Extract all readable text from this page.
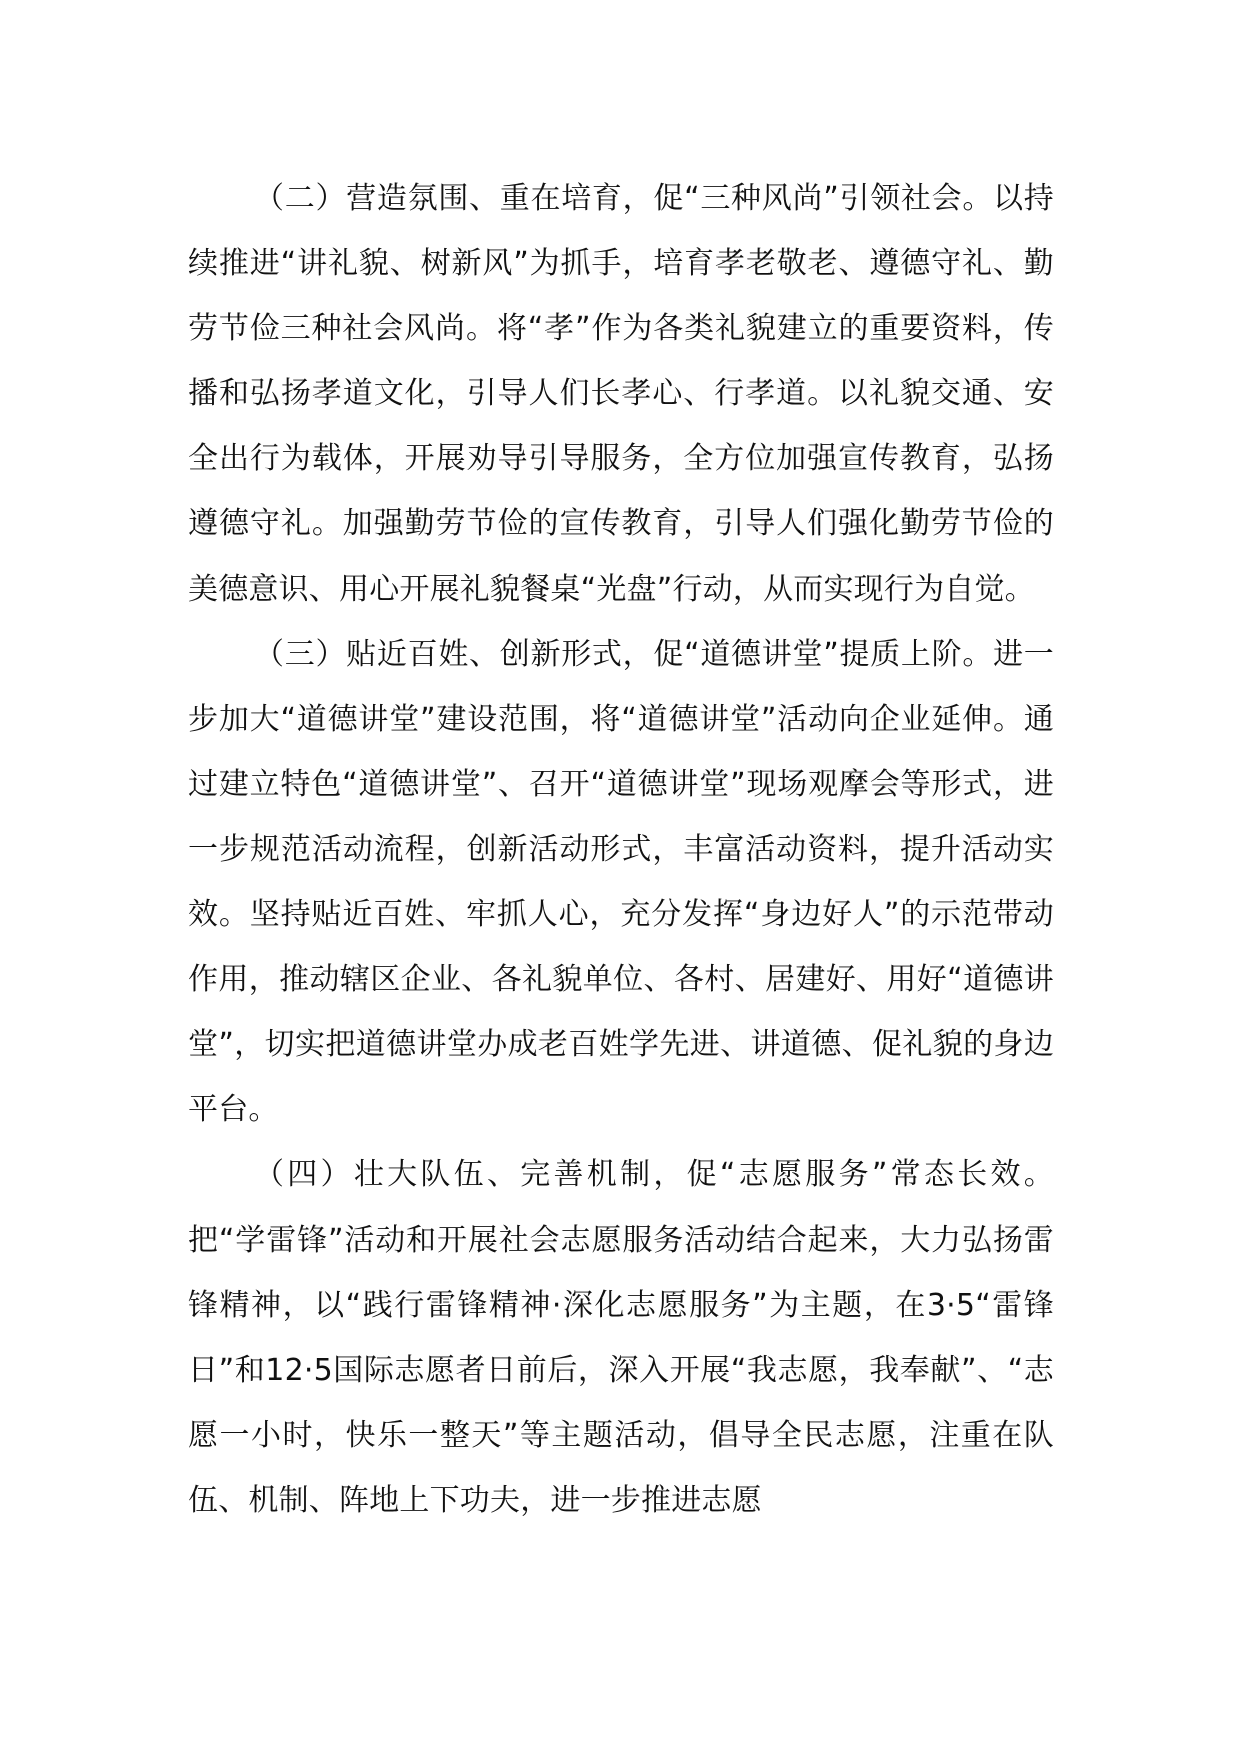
（二）营造氛围、重在培育，促“三种风尚”引领社会。以持续推进“讲礼貌、树新风”为抓手，培育孝老敬老、遵德守礼、勤劳节俭三种社会风尚。将“孝”作为各类礼貌建立的重要资料，传播和弘扬孝道文化，引导人们长孝心、行孝道。以礼貌交通、安全出行为载体，开展劝导引导服务，全方位加强宣传教育，弘扬遵德守礼。加强勤劳节俭的宣传教育，引导人们强化勤劳节俭的美德意识、用心开展礼貌餐桌“光盘”行动，从而实现行为自觉。

（三）贴近百姓、创新形式，促“道德讲堂”提质上阶。进一步加大“道德讲堂”建设范围，将“道德讲堂”活动向企业延伸。通过建立特色“道德讲堂”、召开“道德讲堂”现场观摩会等形式，进一步规范活动流程，创新活动形式，丰富活动资料，提升活动实效。坚持贴近百姓、牢抓人心，充分发挥“身边好人”的示范带动作用，推动辖区企业、各礼貌单位、各村、居建好、用好“道德讲堂”，切实把道德讲堂办成老百姓学先进、讲道德、促礼貌的身边平台。

（四）壮大队伍、完善机制，促“志愿服务”常态长效。把“学雷锋”活动和开展社会志愿服务活动结合起来，大力弘扬雷锋精神，以“践行雷锋精神·深化志愿服务”为主题，在3·5“雷锋日”和12·5国际志愿者日前后，深入开展“我志愿，我奉献”、“志愿一小时，快乐一整天”等主题活动，倡导全民志愿，注重在队伍、机制、阵地上下功夫，进一步推进志愿
